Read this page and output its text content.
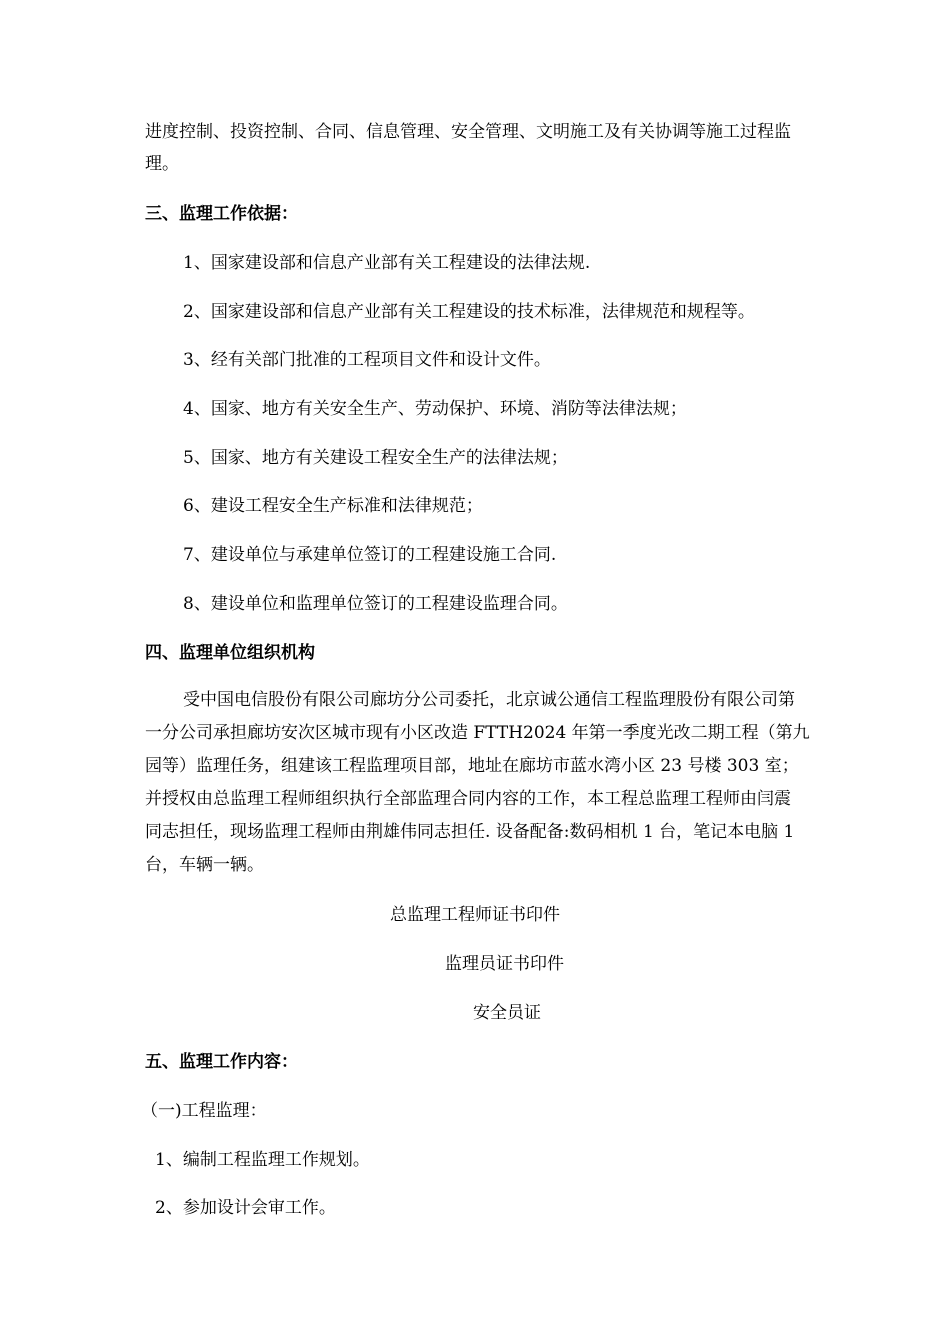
进度控制、投资控制、合同、信息管理、安全管理、文明施工及有关协调等施工过程监
理。
三、监理工作依据：
1、国家建设部和信息产业部有关工程建设的法律法规.
2、国家建设部和信息产业部有关工程建设的技术标准，法律规范和规程等。
3、经有关部门批准的工程项目文件和设计文件。
4、国家、地方有关安全生产、劳动保护、环境、消防等法律法规；
5、国家、地方有关建设工程安全生产的法律法规；
6、建设工程安全生产标准和法律规范；
7、建设单位与承建单位签订的工程建设施工合同.
8、建设单位和监理单位签订的工程建设监理合同。
四、监理单位组织机构
受中国电信股份有限公司廊坊分公司委托，北京诚公通信工程监理股份有限公司第
一分公司承担廊坊安次区城市现有小区改造 FTTH2024 年第一季度光改二期工程（第九
园等）监理任务，组建该工程监理项目部，地址在廊坊市蓝水湾小区 23 号楼 303 室；
并授权由总监理工程师组织执行全部监理合同内容的工作，本工程总监理工程师由闫震
同志担任，现场监理工程师由荆雄伟同志担任. 设备配备:数码相机 1 台，笔记本电脑 1
台，车辆一辆。
总监理工程师证书印件
监理员证书印件
安全员证
五、监理工作内容：
（一)工程监理：
1、编制工程监理工作规划。
2、参加设计会审工作。
